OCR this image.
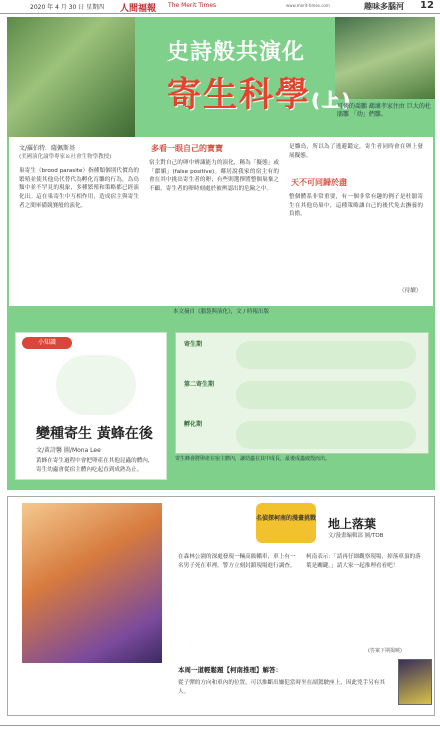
2020 年 4 月 30 日 星期四 人間福報 The Merit Times	www.merit-times.com	趣味多腦河 12
史詩般共演化
寄生科學(上)
可憐的喬鵬 鵡壞孝家住由 巨大的杜鵑雛 「幼」們雛。
文/羅伯特．薩佩斯基
(美國演化論學專家＆社會生物學教授)
巢寄生（brood parasite）指種類個別代價鳥的繁殖並使其他鳥代替代為孵化育雛的行為，為鳥類中並不罕見的現象，多種繁殖和策略都已經演化出。這在巢寄生中互相作用，造成宿主與寄生者之間軍備競賽般的演化。
多看一眼自己的寶寶
宿主對自己的卵中辨識能力的演化，稱為「擬態」或「獻媚」(false positive)。鄰居說我家的宿主有的會在其中挑出寄生者的卵；有些則選擇將整個巢棄之不顧。寄生者的卵時刻處於被辨認出的危險之中。
是雛鳥，所以為了逃避鑑定，寄生者同時會在卵上發展擬態。
天不可同歸於盡
整個體系非常重要，有一個非常有趣的例子是杜鵑寄生在其他鳥巢中，這種策略讓自己的後代免去撫養的負擔。
（待續）
本文摘自《腦袋與演化》，文 / 時報出版
小知識
變種寄生 黃蜂在後
文/黃詩馨 圖/Mona Lee
黃蜂在寄生過程中會把卵產在其他昆蟲的體內，寄生幼蟲會從宿主體內吃起直到成熟為止。
寄生期
第二寄生期
孵化期
寄生蜂會將卵產在宿主體內，讓幼蟲在其中成長，最後成蟲破殼而出。
名偵探柯南的漫畫挑戰 地上落葉
文/漫畫編輯部 圖/TOB
在森林公園的深處發現一輛高級轎車，車上有一名男子死在車裡。警方立刻封鎖現場進行調查。
柯南表示：「請再仔細觀察現場，掉落車頂的落葉是關鍵。」請大家一起推理看看吧！
(答案下期揭曉)
本周一道輕鬆題【柯南推理】解答：
從子彈的方向和車內的位置，可以推斷出嫌犯當時坐在副駕駛座上，因此兇手另有其人。
